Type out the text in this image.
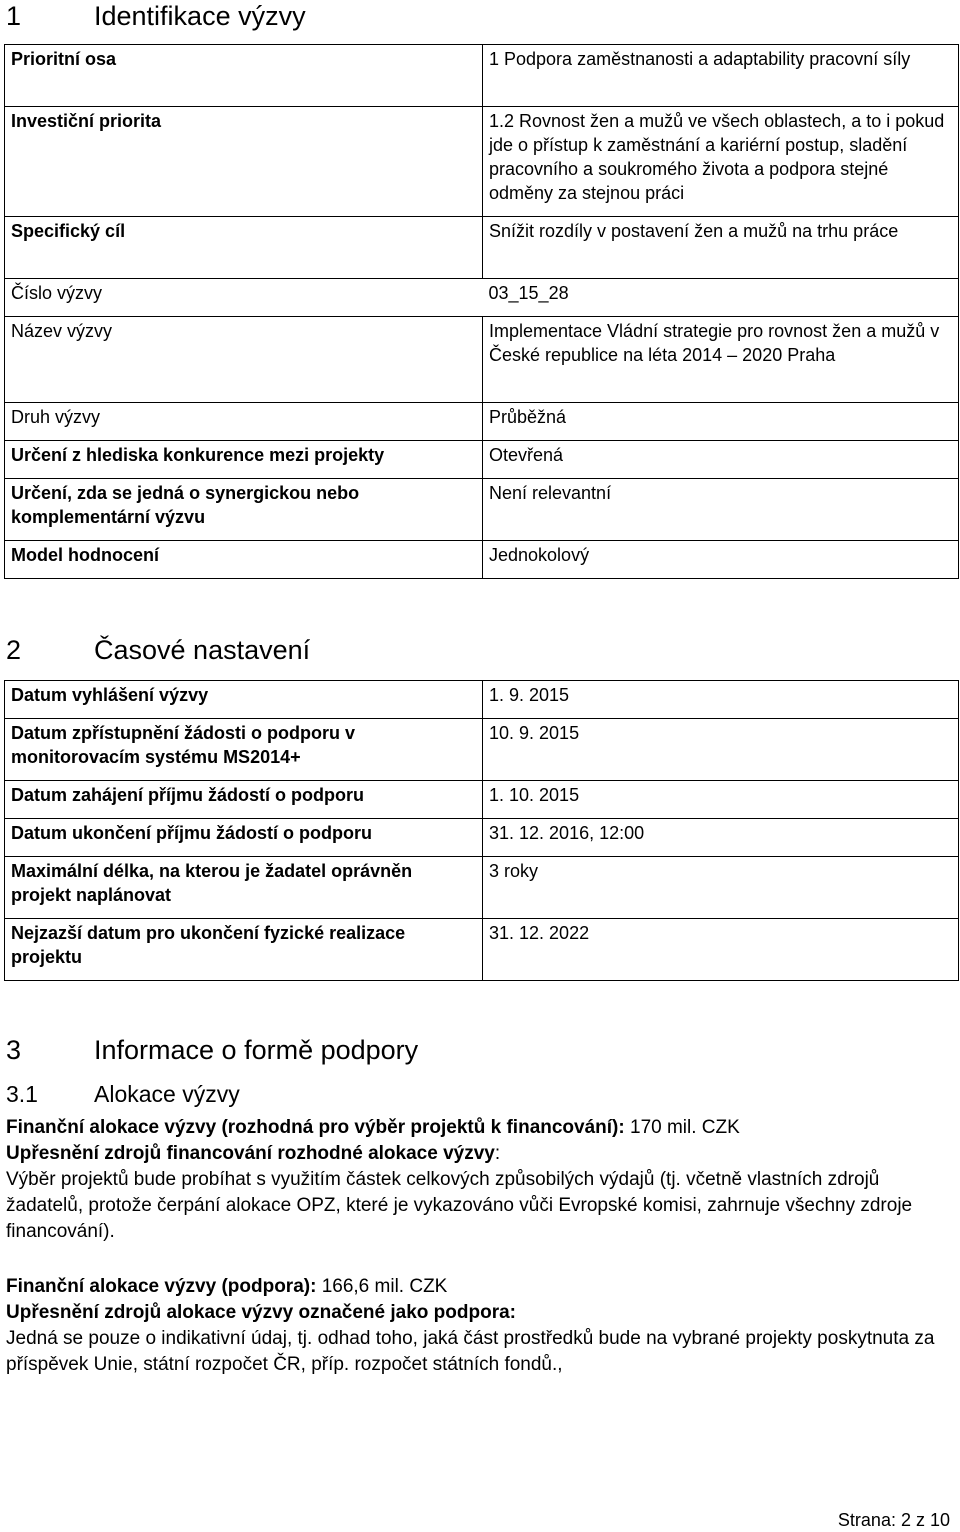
1	Identifikace výzvy
Prioritní osa	1 Podpora zaměstnanosti a adaptability pracovní síly
Investiční priorita	1.2 Rovnost žen a mužů ve všech oblastech, a to i pokud jde o přístup k zaměstnání a kariérní postup, sladění pracovního a soukromého života a podpora stejné odměny za stejnou práci
Specifický cíl	Snížit rozdíly v postavení žen a mužů na trhu práce
Číslo výzvy	03_15_28
Název výzvy	Implementace Vládní strategie pro rovnost žen a mužů v České republice na léta 2014 – 2020 Praha
Druh výzvy	Průběžná
Určení z hlediska konkurence mezi projekty	Otevřená
Určení, zda se jedná o synergickou nebo komplementární výzvu	Není relevantní
Model hodnocení	Jednokolový
2	Časové nastavení
Datum vyhlášení výzvy	1. 9. 2015
Datum zpřístupnění žádosti o podporu v monitorovacím systému MS2014+	10. 9. 2015
Datum zahájení příjmu žádostí o podporu	1. 10. 2015
Datum ukončení příjmu žádostí o podporu	31. 12. 2016, 12:00
Maximální délka, na kterou je žadatel oprávněn projekt naplánovat	3 roky
Nejzazší datum pro ukončení fyzické realizace projektu	31. 12. 2022
3	Informace o formě podpory
3.1 Alokace výzvy
Finanční alokace výzvy (rozhodná pro výběr projektů k financování): 170 mil. CZK
Upřesnění zdrojů financování rozhodné alokace výzvy:
Výběr projektů bude probíhat s využitím částek celkových způsobilých výdajů (tj. včetně vlastních zdrojů žadatelů, protože čerpání alokace OPZ, které je vykazováno vůči Evropské komisi, zahrnuje všechny zdroje financování).
Finanční alokace výzvy (podpora): 166,6 mil. CZK
Upřesnění zdrojů alokace výzvy označené jako podpora:
Jedná se pouze o indikativní údaj, tj. odhad toho, jaká část prostředků bude na vybrané projekty poskytnuta za příspěvek Unie, státní rozpočet ČR, příp. rozpočet státních fondů.,
Strana: 2 z 10
